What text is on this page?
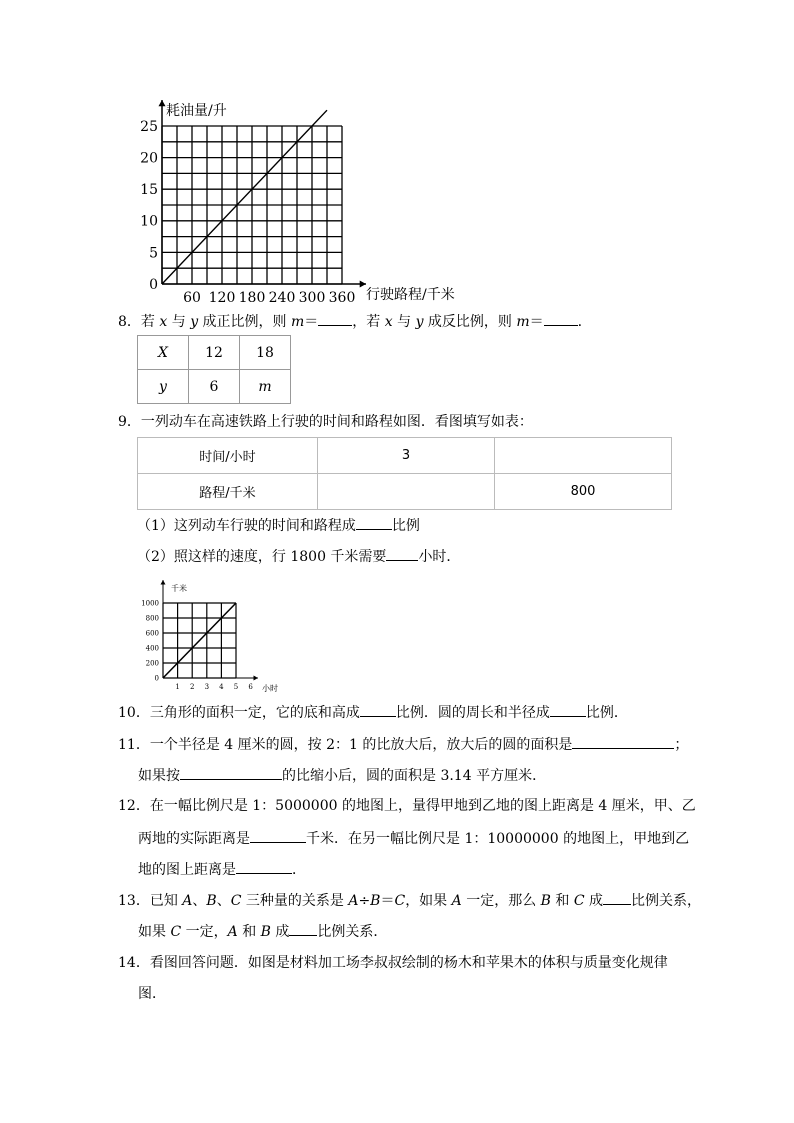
60 120 180 240 300 360
0
5
10
15
20
25
耗油量/升
行驶路程/千米
8．若 x 与 y 成正比例，则 m＝ ，若 x 与 y 成反比例，则 m＝ .
X	12	18
y	6	m
9．一列动车在高速铁路上行驶的时间和路程如图．看图填写如表：
时间/小时	3	
路程/千米		800
（1）这列动车行驶的时间和路程成	比例
（2）照这样的速度，行 1800 千米需要 小时．
1 2 3 4 5 6
0
200
400
600
800
1000
千米
小时
10．三角形的面积一定，它的底和高成	比例．圆的周长和半径成	比例．
11．一个半径是 4 厘米的圆，按 2：1 的比放大后，放大后的圆的面积是	；
如果按	的比缩小后，圆的面积是 3.14 平方厘米．
12．在一幅比例尺是 1：5000000 的地图上，量得甲地到乙地的图上距离是 4 厘米，甲、乙
两地的实际距离是	千米．在另一幅比例尺是 1：10000000 的地图上，甲地到乙
地的图上距离是	．
13．已知 A、B、C 三种量的关系是 A÷B＝C，如果 A 一定，那么 B 和 C 成 比例关系，
如果 C 一定，A 和 B 成 比例关系．
14．看图回答问题．如图是材料加工场李叔叔绘制的杨木和苹果木的体积与质量变化规律
图．
